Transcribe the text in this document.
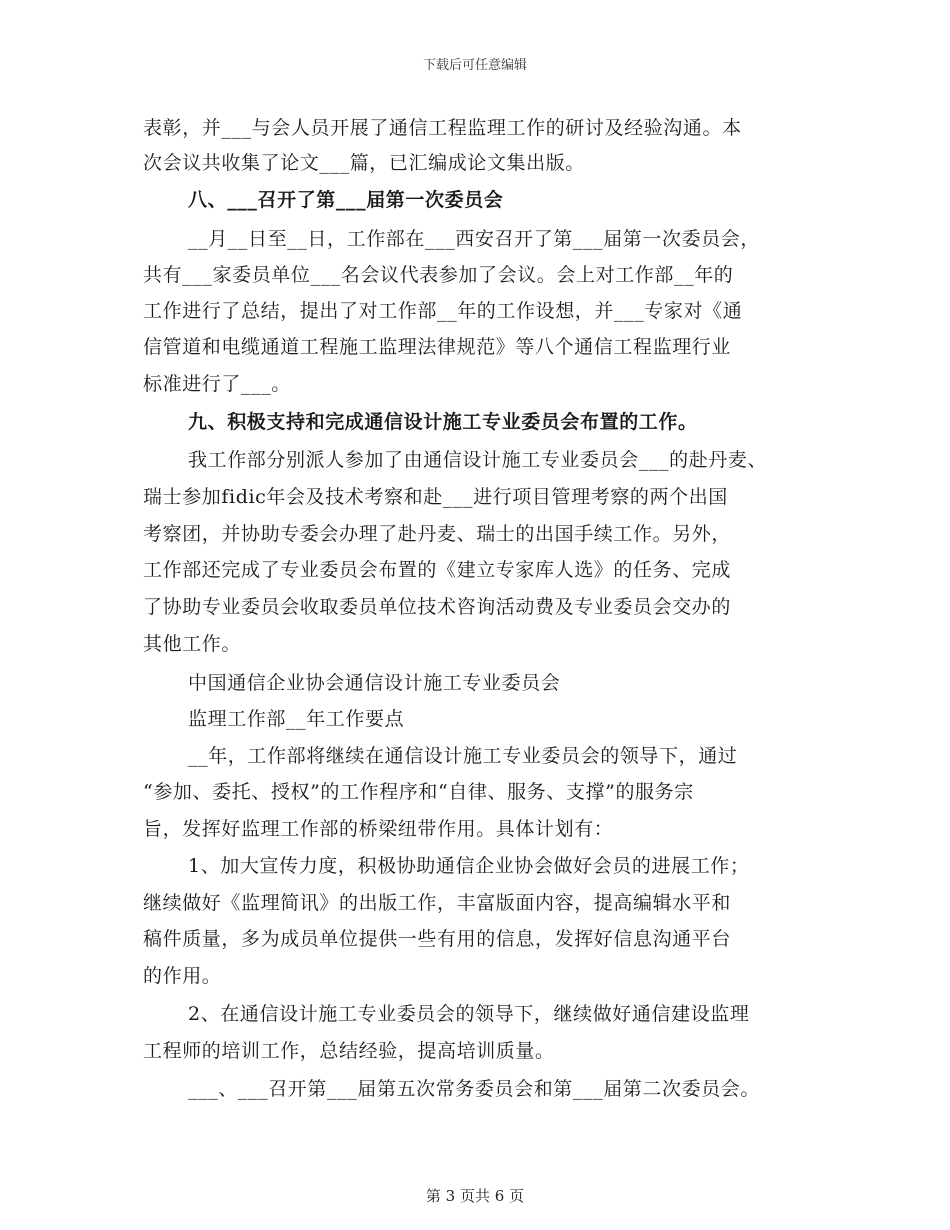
下载后可任意编辑
表彰，并___与会人员开展了通信工程监理工作的研讨及经验沟通。本
次会议共收集了论文___篇，已汇编成论文集出版。
八、___召开了第___届第一次委员会
__月__日至__日，工作部在___西安召开了第___届第一次委员会，
共有___家委员单位___名会议代表参加了会议。会上对工作部__年的
工作进行了总结，提出了对工作部__年的工作设想，并___专家对《通
信管道和电缆通道工程施工监理法律规范》等八个通信工程监理行业
标准进行了___。
九、积极支持和完成通信设计施工专业委员会布置的工作。
我工作部分别派人参加了由通信设计施工专业委员会___的赴丹麦、
瑞士参加fidic年会及技术考察和赴___进行项目管理考察的两个出国
考察团，并协助专委会办理了赴丹麦、瑞士的出国手续工作。另外，
工作部还完成了专业委员会布置的《建立专家库人选》的任务、完成
了协助专业委员会收取委员单位技术咨询活动费及专业委员会交办的
其他工作。
中国通信企业协会通信设计施工专业委员会
监理工作部__年工作要点
__年，工作部将继续在通信设计施工专业委员会的领导下，通过
“参加、委托、授权”的工作程序和“自律、服务、支撑”的服务宗
旨，发挥好监理工作部的桥梁纽带作用。具体计划有：
1、加大宣传力度，积极协助通信企业协会做好会员的进展工作；
继续做好《监理简讯》的出版工作，丰富版面内容，提高编辑水平和
稿件质量，多为成员单位提供一些有用的信息，发挥好信息沟通平台
的作用。
2、在通信设计施工专业委员会的领导下，继续做好通信建设监理
工程师的培训工作，总结经验，提高培训质量。
___、___召开第___届第五次常务委员会和第___届第二次委员会。
第 3 页共 6 页
